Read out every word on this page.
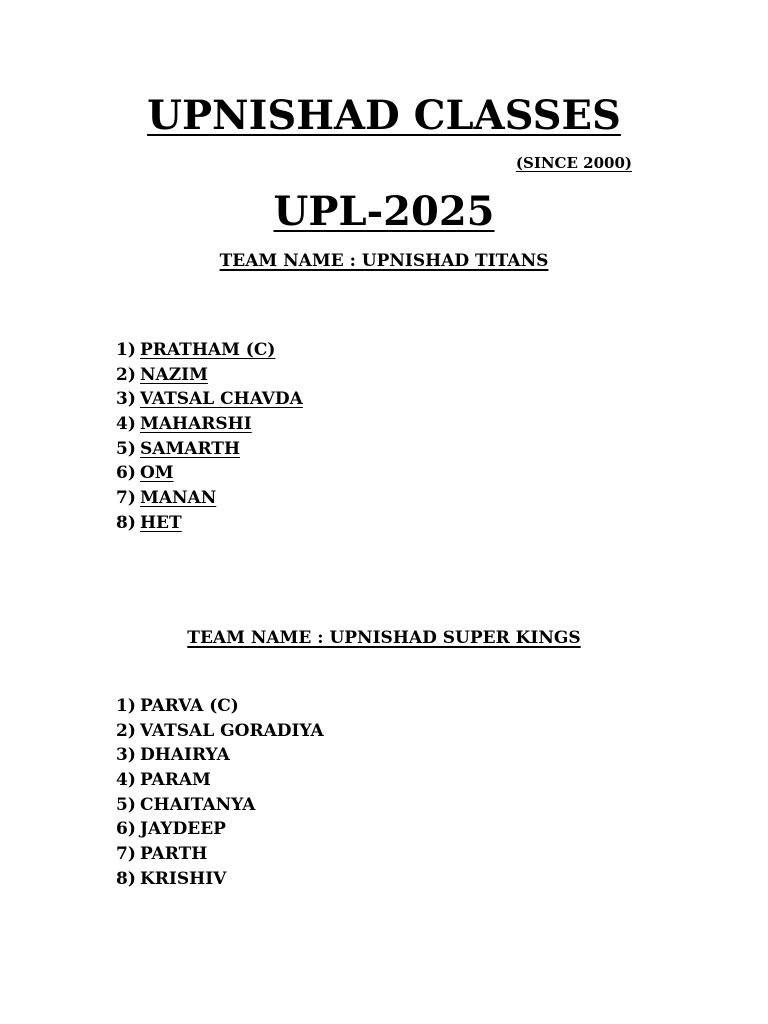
UPNISHAD CLASSES
(SINCE 2000)
UPL-2025
TEAM NAME : UPNISHAD TITANS
1) PRATHAM (C)
2) NAZIM
3) VATSAL CHAVDA
4) MAHARSHI
5) SAMARTH
6) OM
7) MANAN
8) HET
TEAM NAME : UPNISHAD SUPER KINGS
1) PARVA (C)
2) VATSAL GORADIYA
3) DHAIRYA
4) PARAM
5) CHAITANYA
6) JAYDEEP
7) PARTH
8) KRISHIV
